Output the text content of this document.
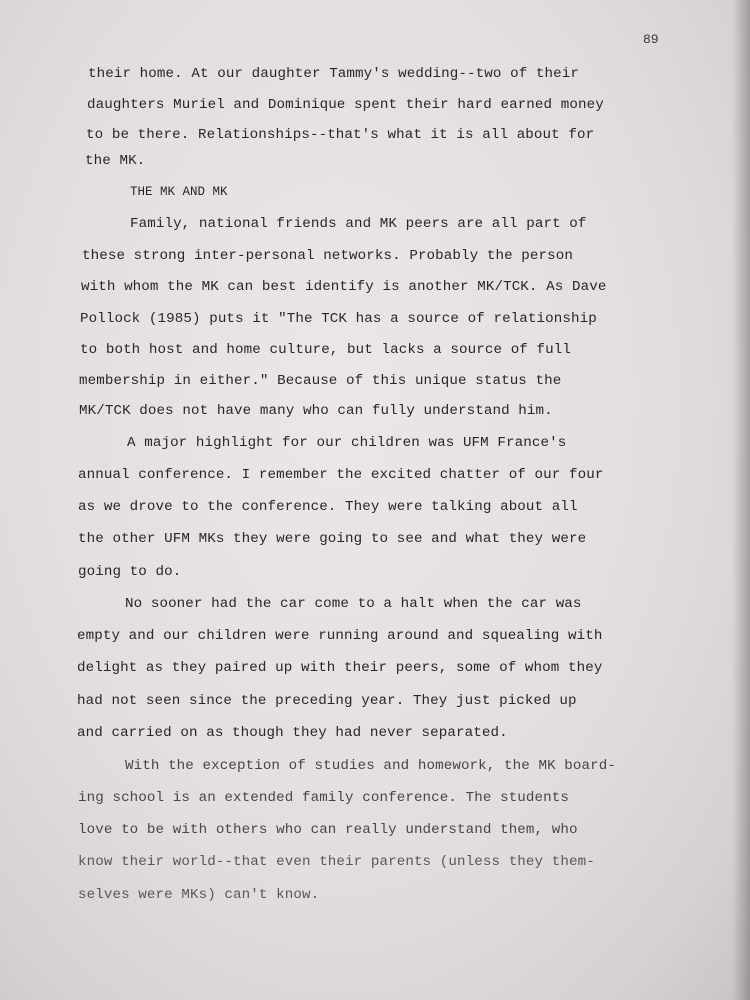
89
their home. At our daughter Tammy's wedding--two of their
daughters Muriel and Dominique spent their hard earned money
to be there. Relationships--that's what it is all about for
the MK.
THE MK AND MK
Family, national friends and MK peers are all part of
these strong inter-personal networks. Probably the person
with whom the MK can best identify is another MK/TCK. As Dave
Pollock (1985) puts it "The TCK has a source of relationship
to both host and home culture, but lacks a source of full
membership in either." Because of this unique status the
MK/TCK does not have many who can fully understand him.
A major highlight for our children was UFM France's
annual conference. I remember the excited chatter of our four
as we drove to the conference. They were talking about all
the other UFM MKs they were going to see and what they were
going to do.
No sooner had the car come to a halt when the car was
empty and our children were running around and squealing with
delight as they paired up with their peers, some of whom they
had not seen since the preceding year. They just picked up
and carried on as though they had never separated.
With the exception of studies and homework, the MK board-
ing school is an extended family conference. The students
love to be with others who can really understand them, who
know their world--that even their parents (unless they them-
selves were MKs) can't know.
